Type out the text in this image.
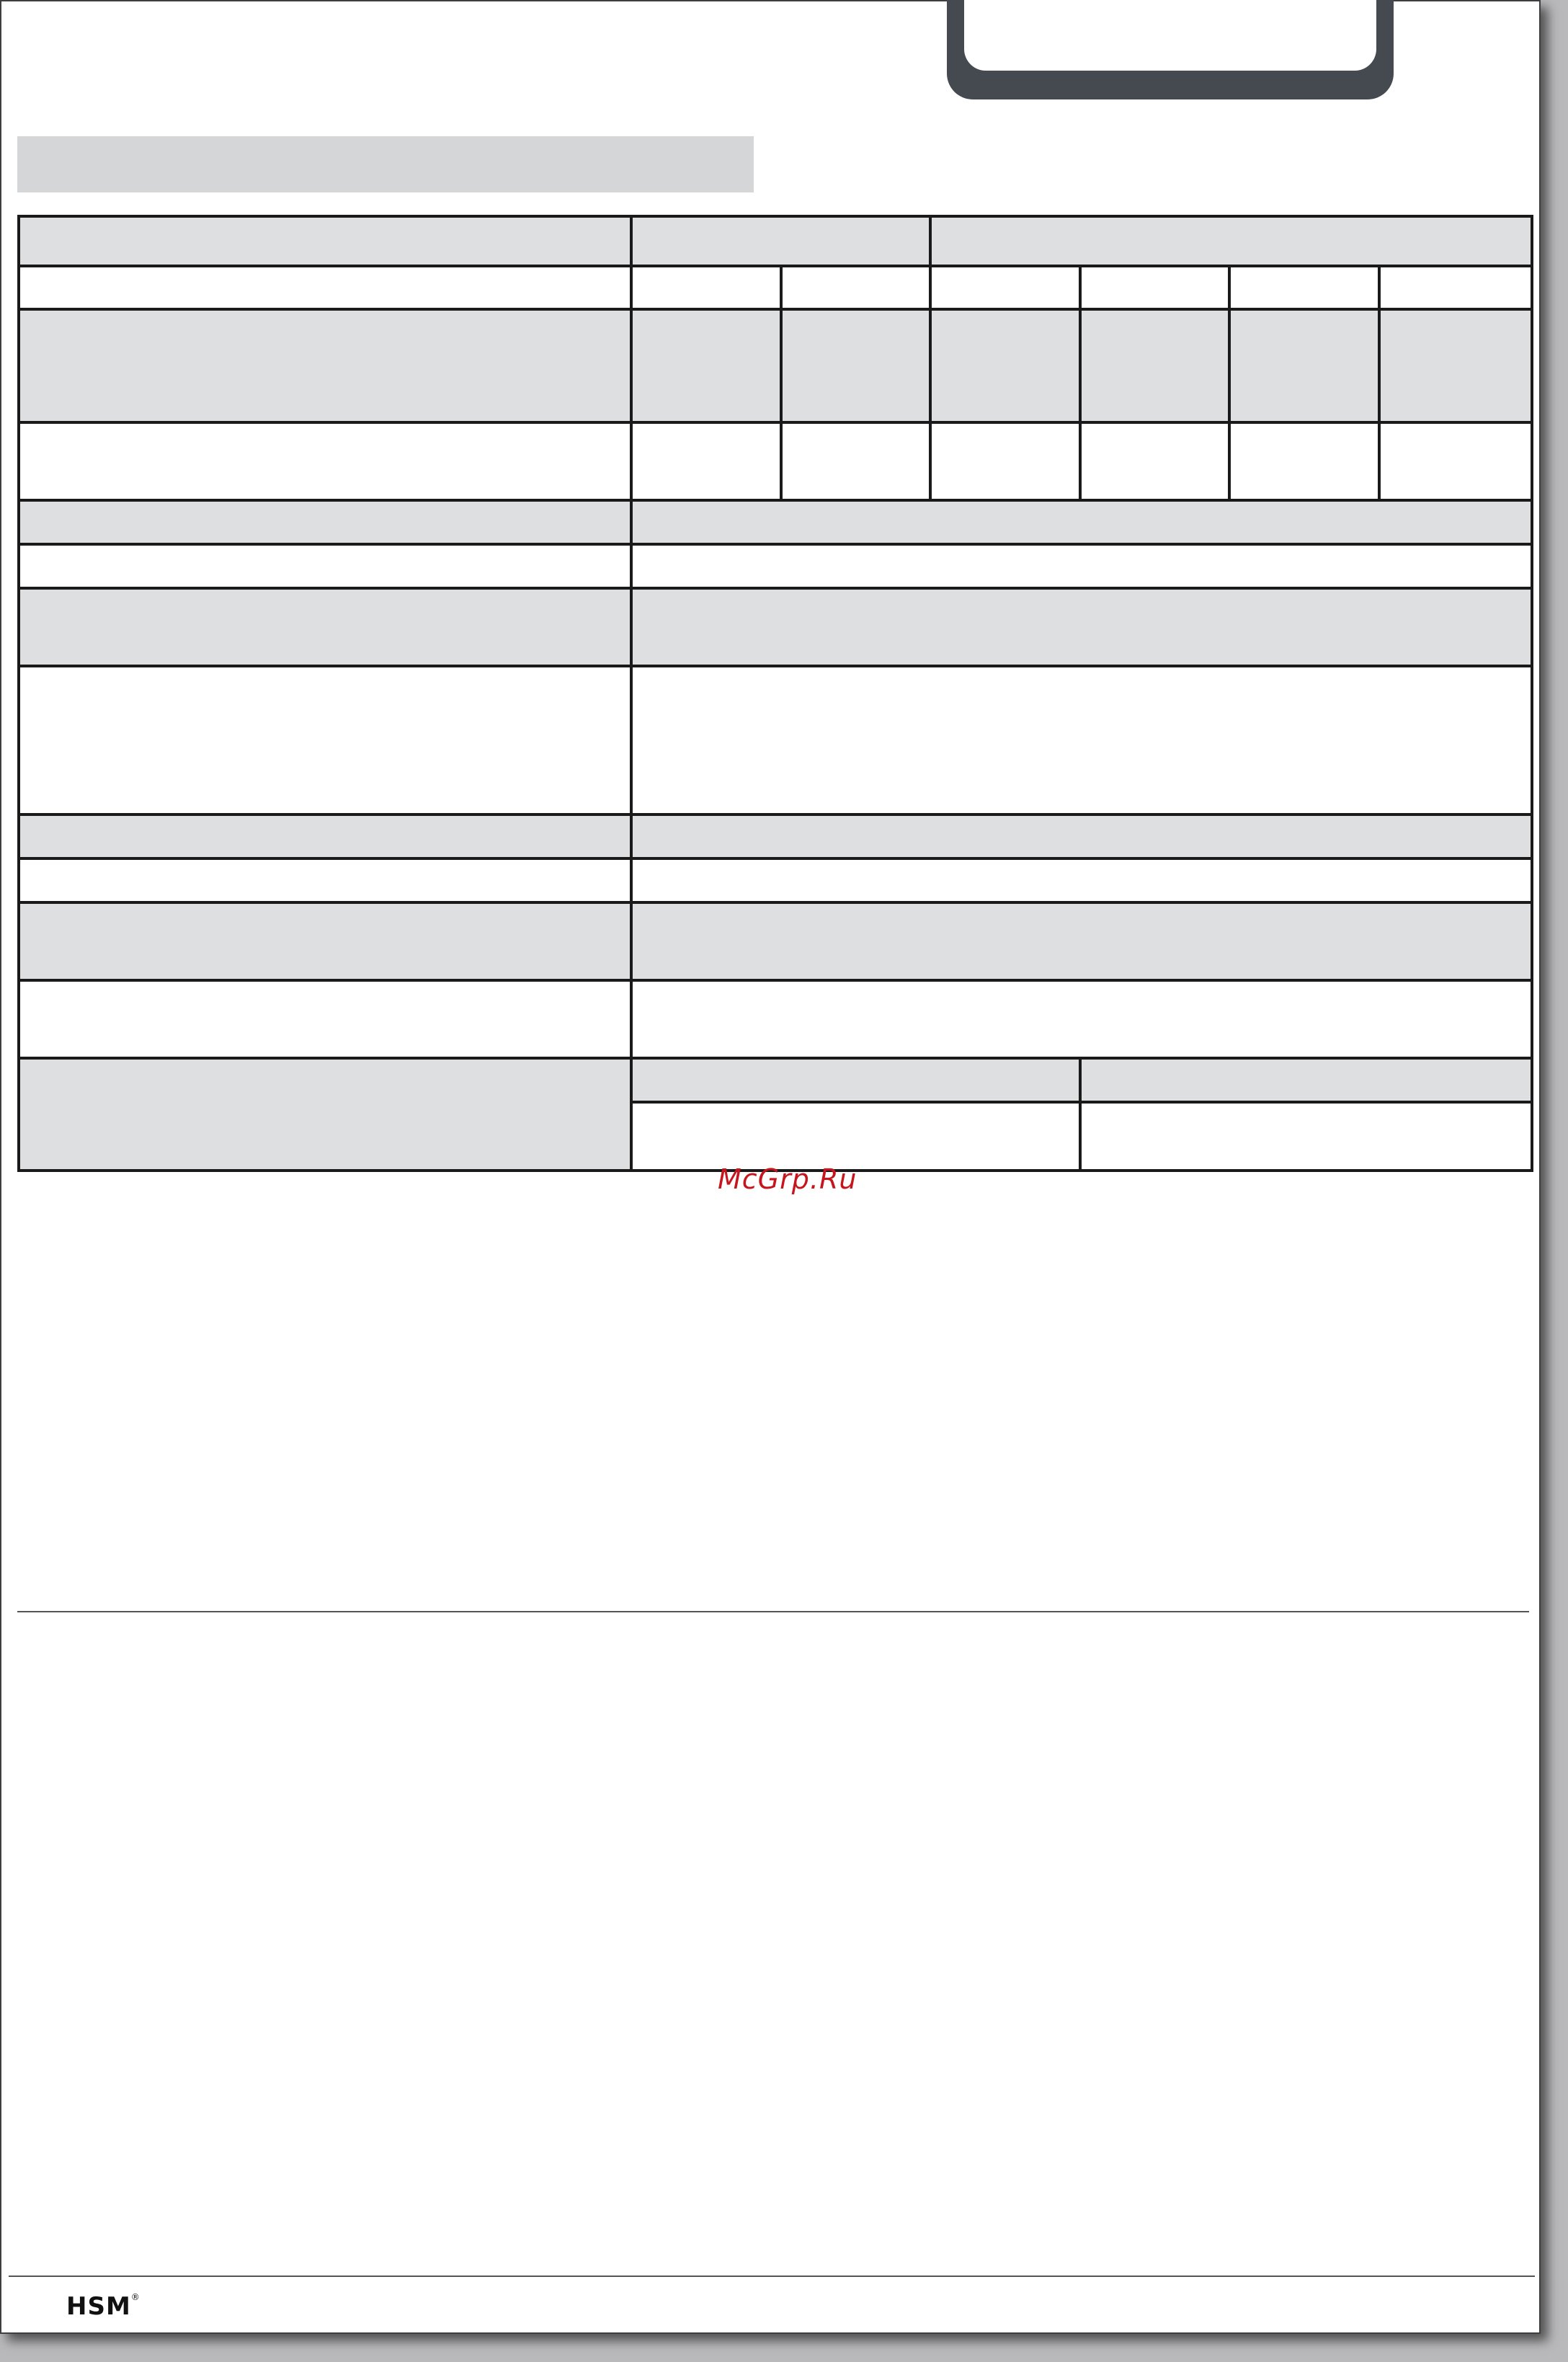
McGrp.Ru
HSM®
